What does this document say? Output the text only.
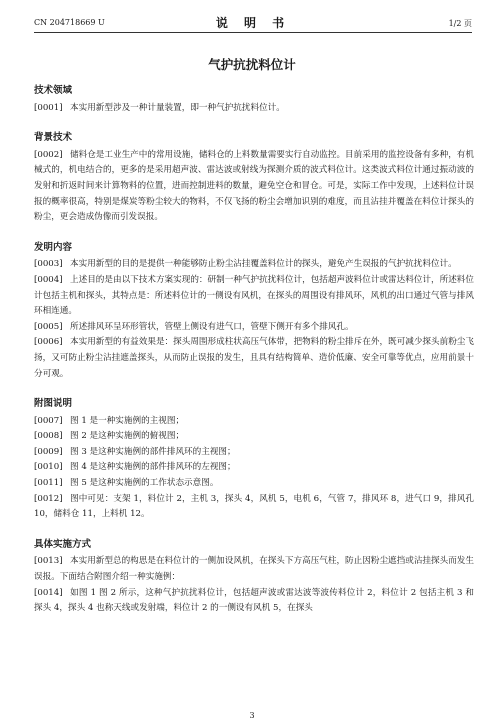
CN 204718669 U	说 明 书	1/2 页
气护抗扰料位计
技术领域
[0001] 本实用新型涉及一种计量装置，即一种气护抗扰料位计。
背景技术
[0002] 储料仓是工业生产中的常用设施，储料仓的上料数量需要实行自动监控。目前采用的监控设备有多种，有机械式的，机电结合的，更多的是采用超声波、雷达波或射线为探测介质的波式料位计。这类波式料位计通过振动波的发射和折返时间来计算物料的位置，进而控制进料的数量，避免空仓和冒仓。可是，实际工作中发现，上述料位计误报的概率很高，特别是煤炭等粉尘较大的物料，不仅飞扬的粉尘会增加识别的难度，而且沾挂并覆盖在料位计探头的粉尘，更会造成伪像而引发误报。
发明内容
[0003] 本实用新型的目的是提供一种能够防止粉尘沾挂覆盖料位计的探头，避免产生误报的气护抗扰料位计。
[0004] 上述目的是由以下技术方案实现的：研制一种气护抗扰料位计，包括超声波料位计或雷达料位计，所述料位计包括主机和探头，其特点是：所述料位计的一侧设有风机，在探头的周围设有排风环，风机的出口通过气管与排风环相连通。
[0005] 所述排风环呈环形管状，管壁上侧设有进气口，管壁下侧开有多个排风孔。
[0006] 本实用新型的有益效果是：探头周围形成柱状高压气体带，把物料的粉尘排斥在外，既可减少探头前粉尘飞扬，又可防止粉尘沾挂遮盖探头，从而防止误报的发生，且具有结构简单、造价低廉、安全可靠等优点，应用前景十分可观。
附图说明
[0007] 图 1 是一种实施例的主视图；
[0008] 图 2 是这种实施例的俯视图；
[0009] 图 3 是这种实施例的部件排风环的主视图；
[0010] 图 4 是这种实施例的部件排风环的左视图；
[0011] 图 5 是这种实施例的工作状态示意图。
[0012] 图中可见：支架 1，料位计 2，主机 3，探头 4，风机 5，电机 6，气管 7，排风环 8，进气口 9，排风孔 10，储料仓 11，上料机 12。
具体实施方式
[0013] 本实用新型总的构思是在料位计的一侧加设风机，在探头下方高压气柱，防止因粉尘遮挡或沾挂探头而发生误报。下面结合附图介绍一种实施例：
[0014] 如图 1 图 2 所示，这种气护抗扰料位计，包括超声波或雷达波等波传料位计 2，料位计 2 包括主机 3 和探头 4，探头 4 也称天线或发射端，料位计 2 的一侧设有风机 5，在探头
3
